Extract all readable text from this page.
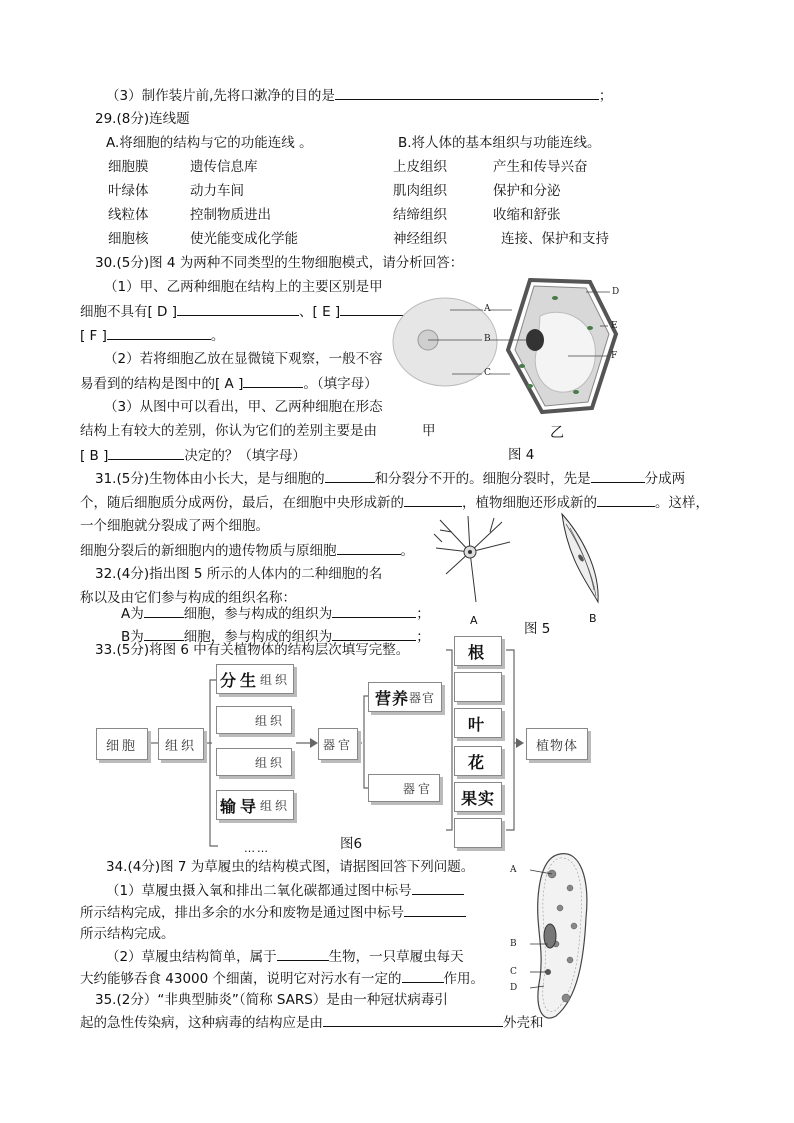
（3）制作装片前,先将口漱净的目的是	；
29.(8分)连线题
A.将细胞的结构与它的功能连线 。	B.将人体的基本组织与功能连线。
细胞膜	遗传信息库	上皮组织	产生和传导兴奋
叶绿体	动力车间	肌肉组织	保护和分泌
线粒体	控制物质进出	结缔组织	收缩和舒张
细胞核	使光能变成化学能	神经组织	连接、保护和支持
30.(5分)图 4 为两种不同类型的生物细胞模式，请分析回答：
（1）甲、乙两种细胞在结构上的主要区别是甲
细胞不具有[ D ]	、[ E ]
[ F ]	。
（2）若将细胞乙放在显微镜下观察，一般不容
易看到的结构是图中的[ A ]	。（填字母）
（3）从图中可以看出，甲、乙两种细胞在形态
结构上有较大的差别，你认为它们的差别主要是由	甲	乙
[ B ]	决定的？（填字母）	图 4
A
B
C
D
E
F
31.(5分)生物体由小长大，是与细胞的	和分裂分不开的。细胞分裂时，先是	分成两
个，随后细胞质分成两份，最后，在细胞中央形成新的	，植物细胞还形成新的	。这样，
一个细胞就分裂成了两个细胞。
细胞分裂后的新细胞内的遗传物质与原细胞	。
32.(4分)指出图 5 所示的人体内的二种细胞的名
称以及由它们参与构成的组织名称：
A为	细胞，参与构成的组织为	；
B为	细胞，参与构成的组织为	；
A	B
图 5
33.(5分)将图 6 中有关植物体的结构层次填写完整。
细胞 组织
分生 组织
组织
组织
输导 组织
……
器官
营养 器官
器官
根
叶
花
果实
植物体
图6
34.(4分)图 7 为草履虫的结构模式图，请据图回答下列问题。
（1）草履虫摄入氧和排出二氧化碳都通过图中标号
所示结构完成，排出多余的水分和废物是通过图中标号
所示结构完成。
（2）草履虫结构简单，属于	生物，一只草履虫每天
大约能够吞食 43000 个细菌，说明它对污水有一定的	作用。
A
B
C
D
35.(2分）“非典型肺炎”（简称 SARS）是由一种冠状病毒引
起的急性传染病，这种病毒的结构应是由	外壳和
